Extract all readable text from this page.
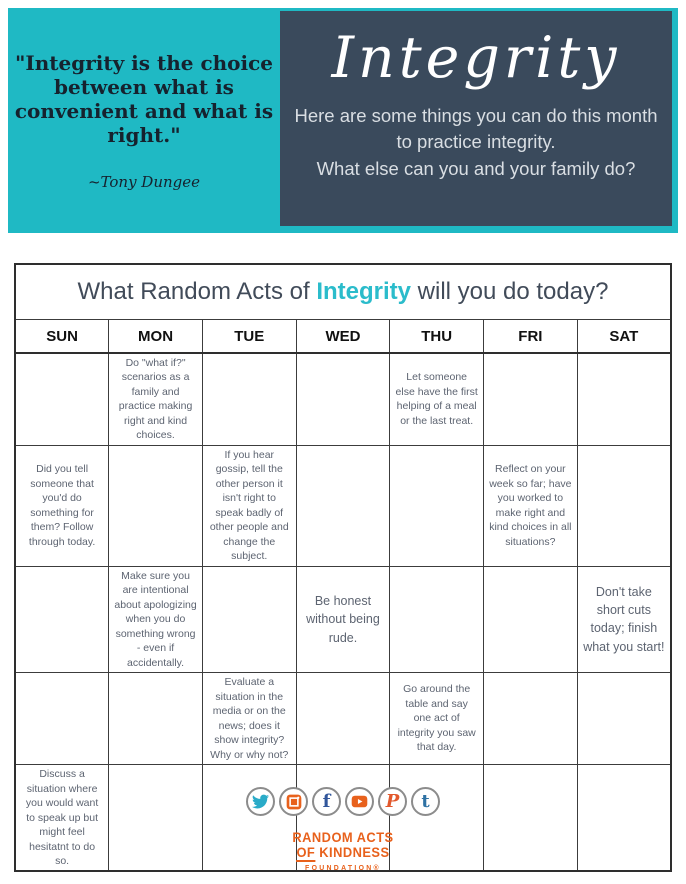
"Integrity is the choice
between what is
convenient and what is
right."
~Tony Dungee
Integrity
Here are some things you can do this month
to practice integrity.
What else can you and your family do?
What Random Acts of Integrity will you do today?						
SUN	MON	TUE	WED	THU	FRI	SAT
	Do "what if?" scenarios as a family and practice making right and kind choices.			Let someone else have the first helping of a meal or the last treat.		
Did you tell someone that you'd do something for them? Follow through today.		If you hear gossip, tell the other person it isn't right to speak badly of other people and change the subject.			Reflect on your week so far; have you worked to make right and kind choices in all situations?	
	Make sure you are intentional about apologizing when you do something wrong - even if accidentally.		Be honest without being rude.			Don't take short cuts today; finish what you start!
		Evaluate a situation in the media or on the news; does it show integrity? Why or why not?		Go around the table and say one act of integrity you saw that day.		
Discuss a situation where you would want to speak up but might feel hesitatnt to do so.						
f	P t
RANDOM ACTS
OF KINDNESS
FOUNDATION®
